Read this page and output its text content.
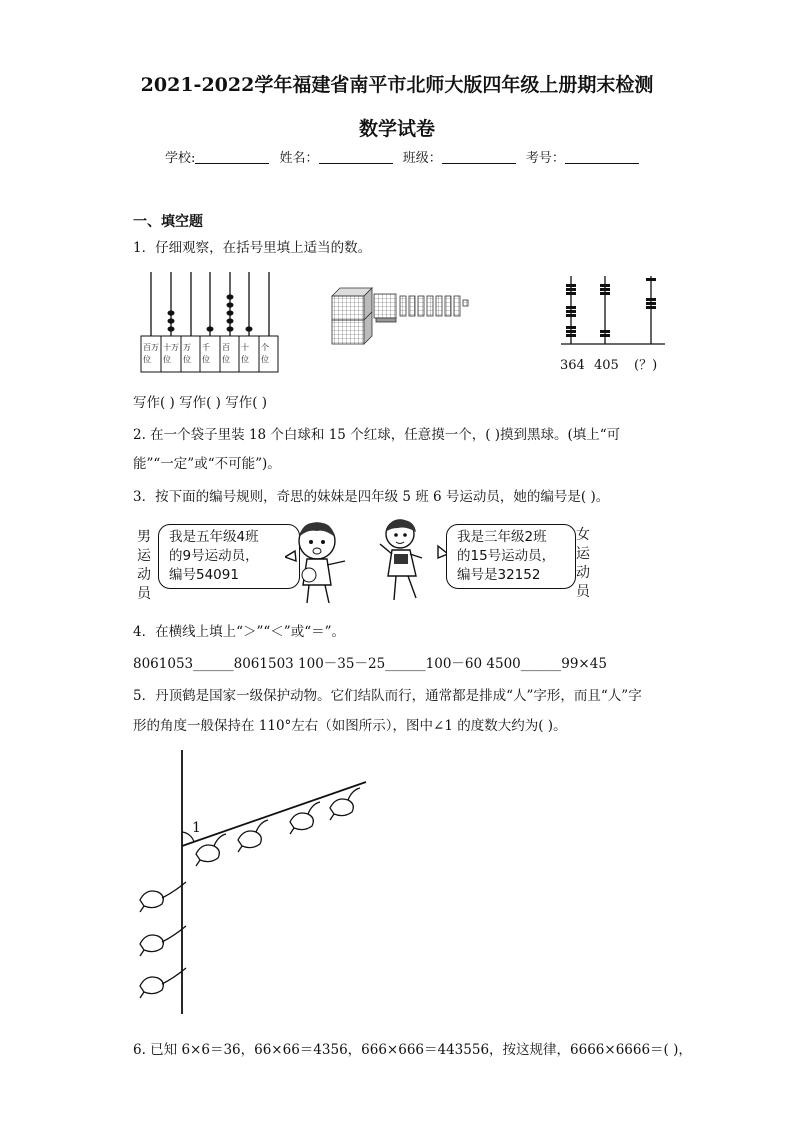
2021-2022学年福建省南平市北师大版四年级上册期末检测
数学试卷
学校:	姓名：	班级：	考号：
一、填空题
1．仔细观察，在括号里填上适当的数。
百万位
十万位
万位
千位
百位
十位
个位	364 405 (？)
写作( ) 写作( ) 写作( )
2. 在一个袋子里装 18 个白球和 15 个红球，任意摸一个，( )摸到黑球。(填上“可
能”“一定”或“不可能”)。
3．按下面的编号规则，奇思的妹妹是四年级 5 班 6 号运动员，她的编号是( )。
男
运
动
员
我是五年级4班
的9号运动员，
编号54091
我是三年级2班
的15号运动员，
编号是32152
女
运
动
员
4．在横线上填上“＞”“＜”或“＝”。
8061053______8061503 100－35－25______100－60 4500______99×45
5．丹顶鹤是国家一级保护动物。它们结队而行，通常都是排成“人”字形，而且“人”字
形的角度一般保持在 110°左右（如图所示），图中∠1 的度数大约为( )。
1
6. 已知 6×6＝36，66×66＝4356，666×666＝443556，按这规律，6666×6666＝( )，
